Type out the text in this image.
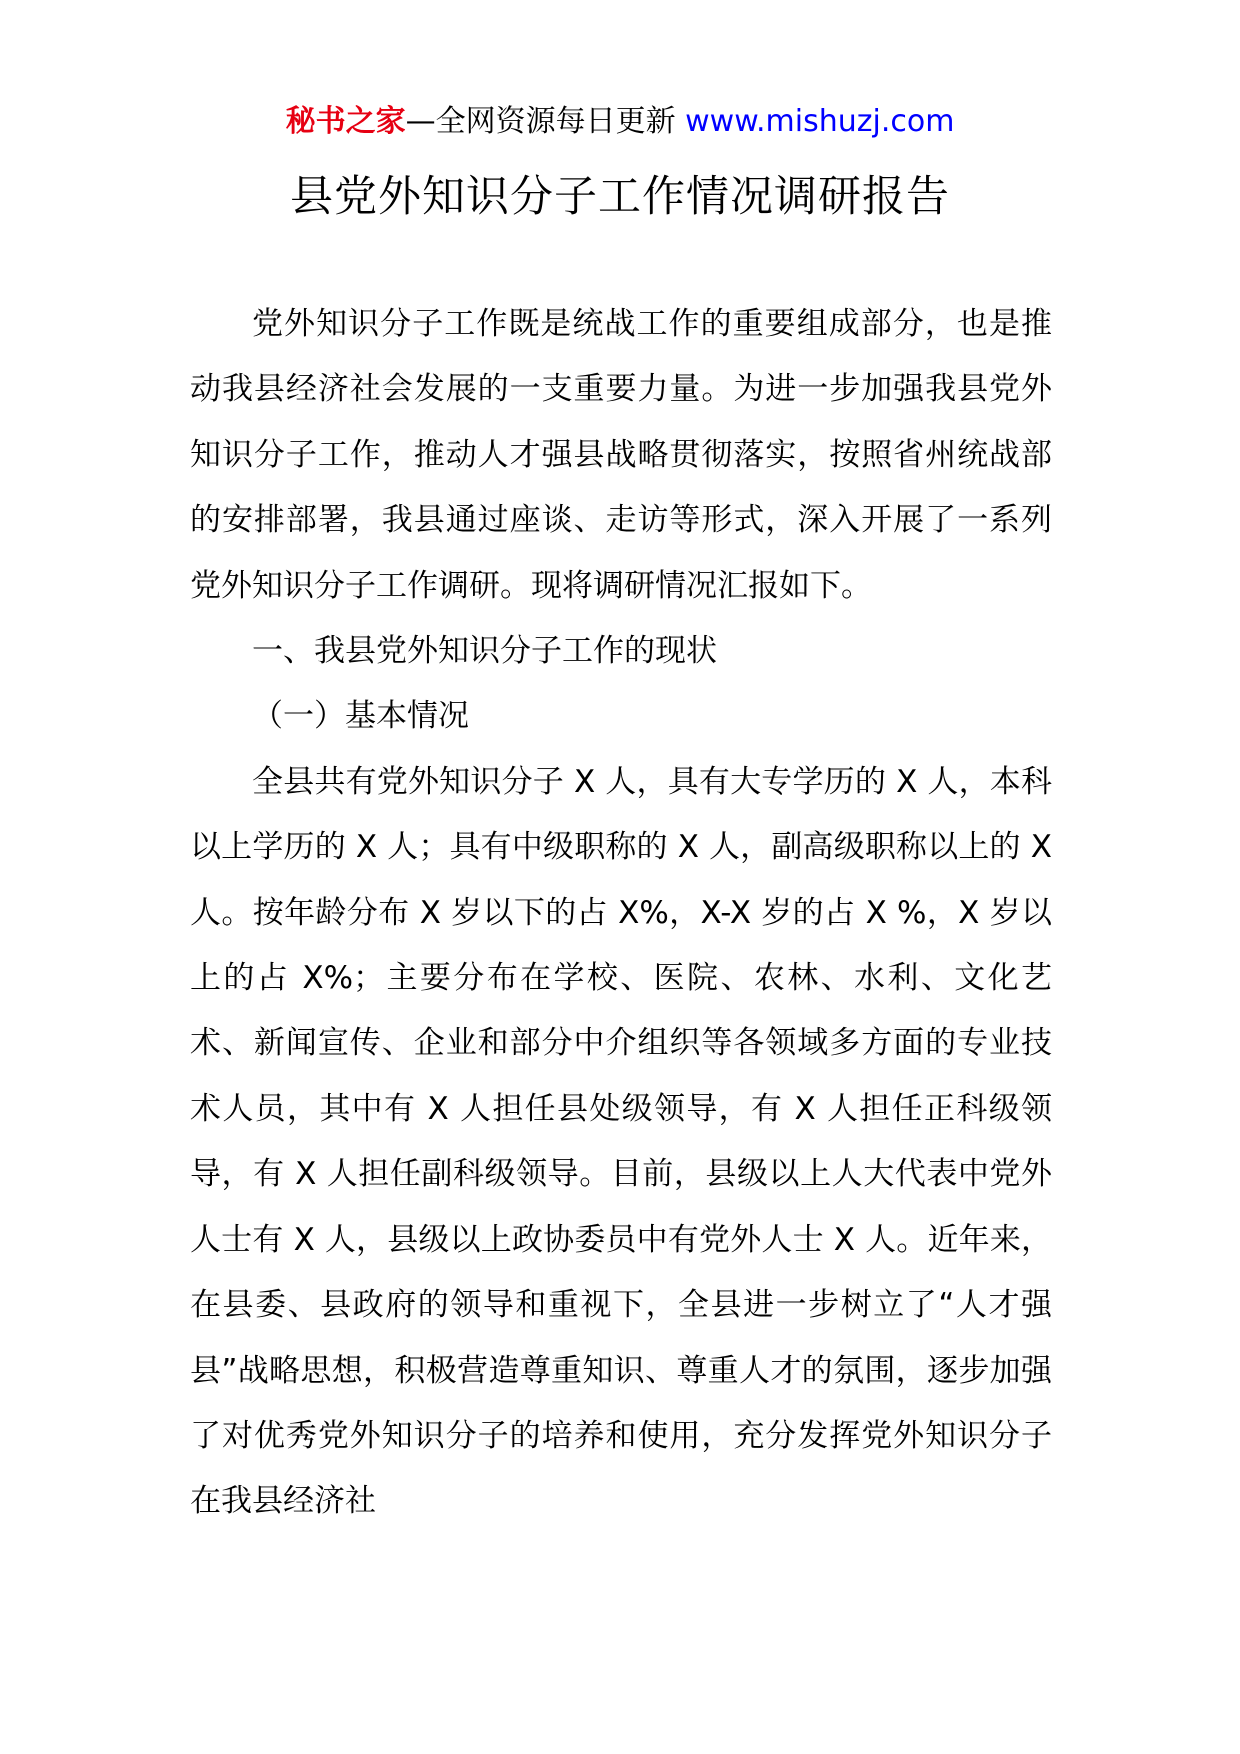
秘书之家—全网资源每日更新 www.mishuzj.com
县党外知识分子工作情况调研报告

党外知识分子工作既是统战工作的重要组成部分，也是推动我县经济社会发展的一支重要力量。为进一步加强我县党外知识分子工作，推动人才强县战略贯彻落实，按照省州统战部的安排部署，我县通过座谈、走访等形式，深入开展了一系列党外知识分子工作调研。现将调研情况汇报如下。

一、我县党外知识分子工作的现状

（一）基本情况

全县共有党外知识分子 X 人，具有大专学历的 X 人，本科以上学历的 X 人；具有中级职称的 X 人，副高级职称以上的 X 人。按年龄分布 X 岁以下的占 X%，X-X 岁的占 X %，X 岁以上的占 X%；主要分布在学校、医院、农林、水利、文化艺术、新闻宣传、企业和部分中介组织等各领域多方面的专业技术人员，其中有 X 人担任县处级领导，有 X 人担任正科级领导，有 X 人担任副科级领导。目前，县级以上人大代表中党外人士有 X 人，县级以上政协委员中有党外人士 X 人。近年来，在县委、县政府的领导和重视下，全县进一步树立了“人才强县”战略思想，积极营造尊重知识、尊重人才的氛围，逐步加强了对优秀党外知识分子的培养和使用，充分发挥党外知识分子在我县经济社
